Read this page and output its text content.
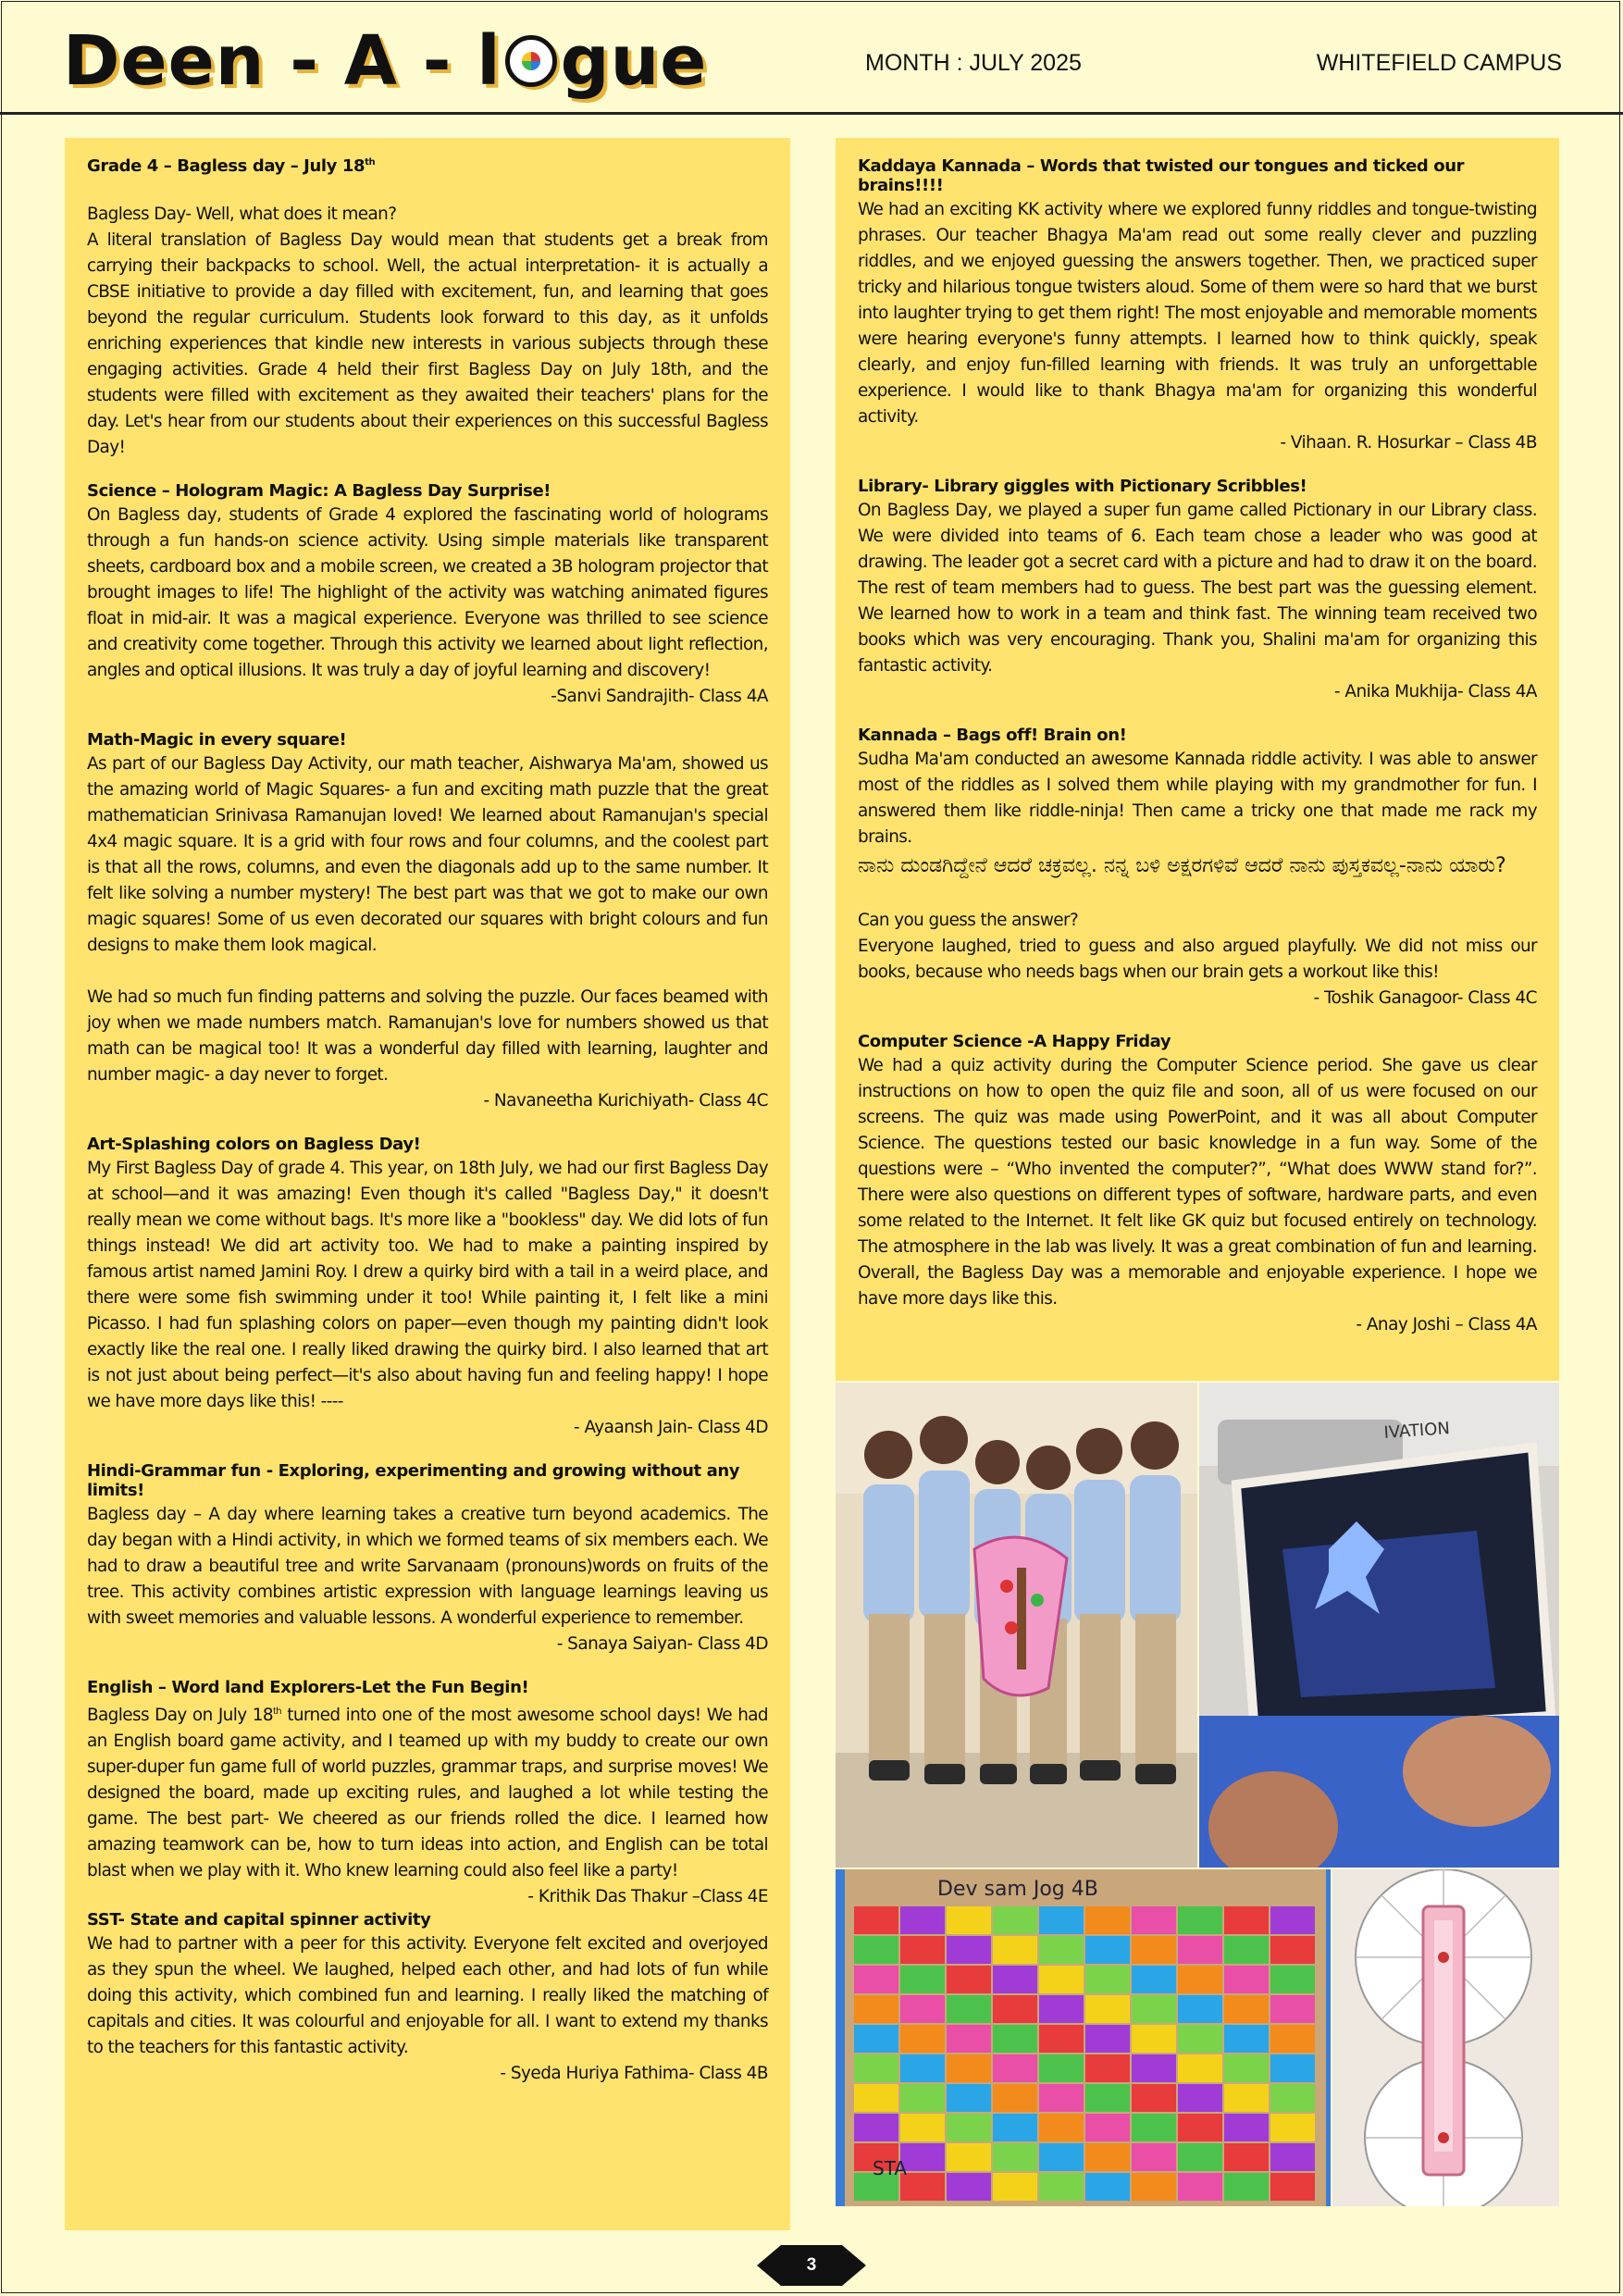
Deen - A - l gue	MONTH : JULY 2025	WHITEFIELD CAMPUS
Grade 4 – Bagless day – July 18th

Bagless Day- Well, what does it mean?

A literal translation of Bagless Day would mean that students get a break from carrying their backpacks to school. Well, the actual interpretation- it is actually a CBSE initiative to provide a day filled with excitement, fun, and learning that goes beyond the regular curriculum. Students look forward to this day, as it unfolds enriching experiences that kindle new interests in various subjects through these engaging activities. Grade 4 held their first Bagless Day on July 18th, and the students were filled with excitement as they awaited their teachers' plans for the day. Let's hear from our students about their experiences on this successful Bagless Day!

Science – Hologram Magic: A Bagless Day Surprise!

On Bagless day, students of Grade 4 explored the fascinating world of holograms through a fun hands-on science activity. Using simple materials like transparent sheets, cardboard box and a mobile screen, we created a 3B hologram projector that brought images to life! The highlight of the activity was watching animated figures float in mid-air. It was a magical experience. Everyone was thrilled to see science and creativity come together. Through this activity we learned about light reflection, angles and optical illusions. It was truly a day of joyful learning and discovery!

-Sanvi Sandrajith- Class 4A
Math-Magic in every square!

As part of our Bagless Day Activity, our math teacher, Aishwarya Ma'am, showed us the amazing world of Magic Squares- a fun and exciting math puzzle that the great mathematician Srinivasa Ramanujan loved! We learned about Ramanujan's special 4x4 magic square. It is a grid with four rows and four columns, and the coolest part is that all the rows, columns, and even the diagonals add up to the same number. It felt like solving a number mystery! The best part was that we got to make our own magic squares! Some of us even decorated our squares with bright colours and fun designs to make them look magical.

We had so much fun finding patterns and solving the puzzle. Our faces beamed with joy when we made numbers match. Ramanujan's love for numbers showed us that math can be magical too! It was a wonderful day filled with learning, laughter and number magic- a day never to forget.

- Navaneetha Kurichiyath- Class 4C
Art-Splashing colors on Bagless Day!

My First Bagless Day of grade 4. This year, on 18th July, we had our first Bagless Day at school—and it was amazing! Even though it's called "Bagless Day," it doesn't really mean we come without bags. It's more like a "bookless" day. We did lots of fun things instead! We did art activity too. We had to make a painting inspired by famous artist named Jamini Roy. I drew a quirky bird with a tail in a weird place, and there were some fish swimming under it too! While painting it, I felt like a mini Picasso. I had fun splashing colors on paper—even though my painting didn't look exactly like the real one. I really liked drawing the quirky bird. I also learned that art is not just about being perfect—it's also about having fun and feeling happy! I hope we have more days like this! ----

- Ayaansh Jain- Class 4D
Hindi-Grammar fun - Exploring, experimenting and growing without any limits!

Bagless day – A day where learning takes a creative turn beyond academics. The day began with a Hindi activity, in which we formed teams of six members each. We had to draw a beautiful tree and write Sarvanaam (pronouns)words on fruits of the tree. This activity combines artistic expression with language learnings leaving us with sweet memories and valuable lessons. A wonderful experience to remember.

- Sanaya Saiyan- Class 4D
English – Word land Explorers-Let the Fun Begin!

Bagless Day on July 18th turned into one of the most awesome school days! We had an English board game activity, and I teamed up with my buddy to create our own super-duper fun game full of world puzzles, grammar traps, and surprise moves! We designed the board, made up exciting rules, and laughed a lot while testing the game. The best part- We cheered as our friends rolled the dice. I learned how amazing teamwork can be, how to turn ideas into action, and English can be total blast when we play with it. Who knew learning could also feel like a party!

- Krithik Das Thakur –Class 4E
SST- State and capital spinner activity

We had to partner with a peer for this activity. Everyone felt excited and overjoyed as they spun the wheel. We laughed, helped each other, and had lots of fun while doing this activity, which combined fun and learning. I really liked the matching of capitals and cities. It was colourful and enjoyable for all. I want to extend my thanks to the teachers for this fantastic activity.

- Syeda Huriya Fathima- Class 4B
Kaddaya Kannada – Words that twisted our tongues and ticked our brains!!!!

We had an exciting KK activity where we explored funny riddles and tongue-twisting phrases. Our teacher Bhagya Ma'am read out some really clever and puzzling riddles, and we enjoyed guessing the answers together. Then, we practiced super tricky and hilarious tongue twisters aloud. Some of them were so hard that we burst into laughter trying to get them right! The most enjoyable and memorable moments were hearing everyone's funny attempts. I learned how to think quickly, speak clearly, and enjoy fun-filled learning with friends. It was truly an unforgettable experience. I would like to thank Bhagya ma'am for organizing this wonderful activity.

- Vihaan. R. Hosurkar – Class 4B
Library- Library giggles with Pictionary Scribbles!

On Bagless Day, we played a super fun game called Pictionary in our Library class. We were divided into teams of 6. Each team chose a leader who was good at drawing. The leader got a secret card with a picture and had to draw it on the board. The rest of team members had to guess. The best part was the guessing element. We learned how to work in a team and think fast. The winning team received two books which was very encouraging. Thank you, Shalini ma'am for organizing this fantastic activity.

- Anika Mukhija- Class 4A
Kannada – Bags off! Brain on!

Sudha Ma'am conducted an awesome Kannada riddle activity. I was able to answer most of the riddles as I solved them while playing with my grandmother for fun. I answered them like riddle-ninja! Then came a tricky one that made me rack my brains.

ನಾನು ದುಂಡಗಿದ್ದೇನೆ ಆದರೆ ಚಕ್ರವಲ್ಲ. ನನ್ನ ಬಳಿ ಅಕ್ಷರಗಳಿವೆ ಆದರೆ ನಾನು ಪುಸ್ತಕವಲ್ಲ-ನಾನು ಯಾರು?

Can you guess the answer?

Everyone laughed, tried to guess and also argued playfully. We did not miss our books, because who needs bags when our brain gets a workout like this!

- Toshik Ganagoor- Class 4C
Computer Science -A Happy Friday

We had a quiz activity during the Computer Science period. She gave us clear instructions on how to open the quiz file and soon, all of us were focused on our screens. The quiz was made using PowerPoint, and it was all about Computer Science. The questions tested our basic knowledge in a fun way. Some of the questions were – “Who invented the computer?”, “What does WWW stand for?”. There were also questions on different types of software, hardware parts, and even some related to the Internet. It felt like GK quiz but focused entirely on technology. The atmosphere in the lab was lively. It was a great combination of fun and learning. Overall, the Bagless Day was a memorable and enjoyable experience. I hope we have more days like this.

- Anay Joshi – Class 4A
IVATION
Dev sam Jog 4B
STA
3
